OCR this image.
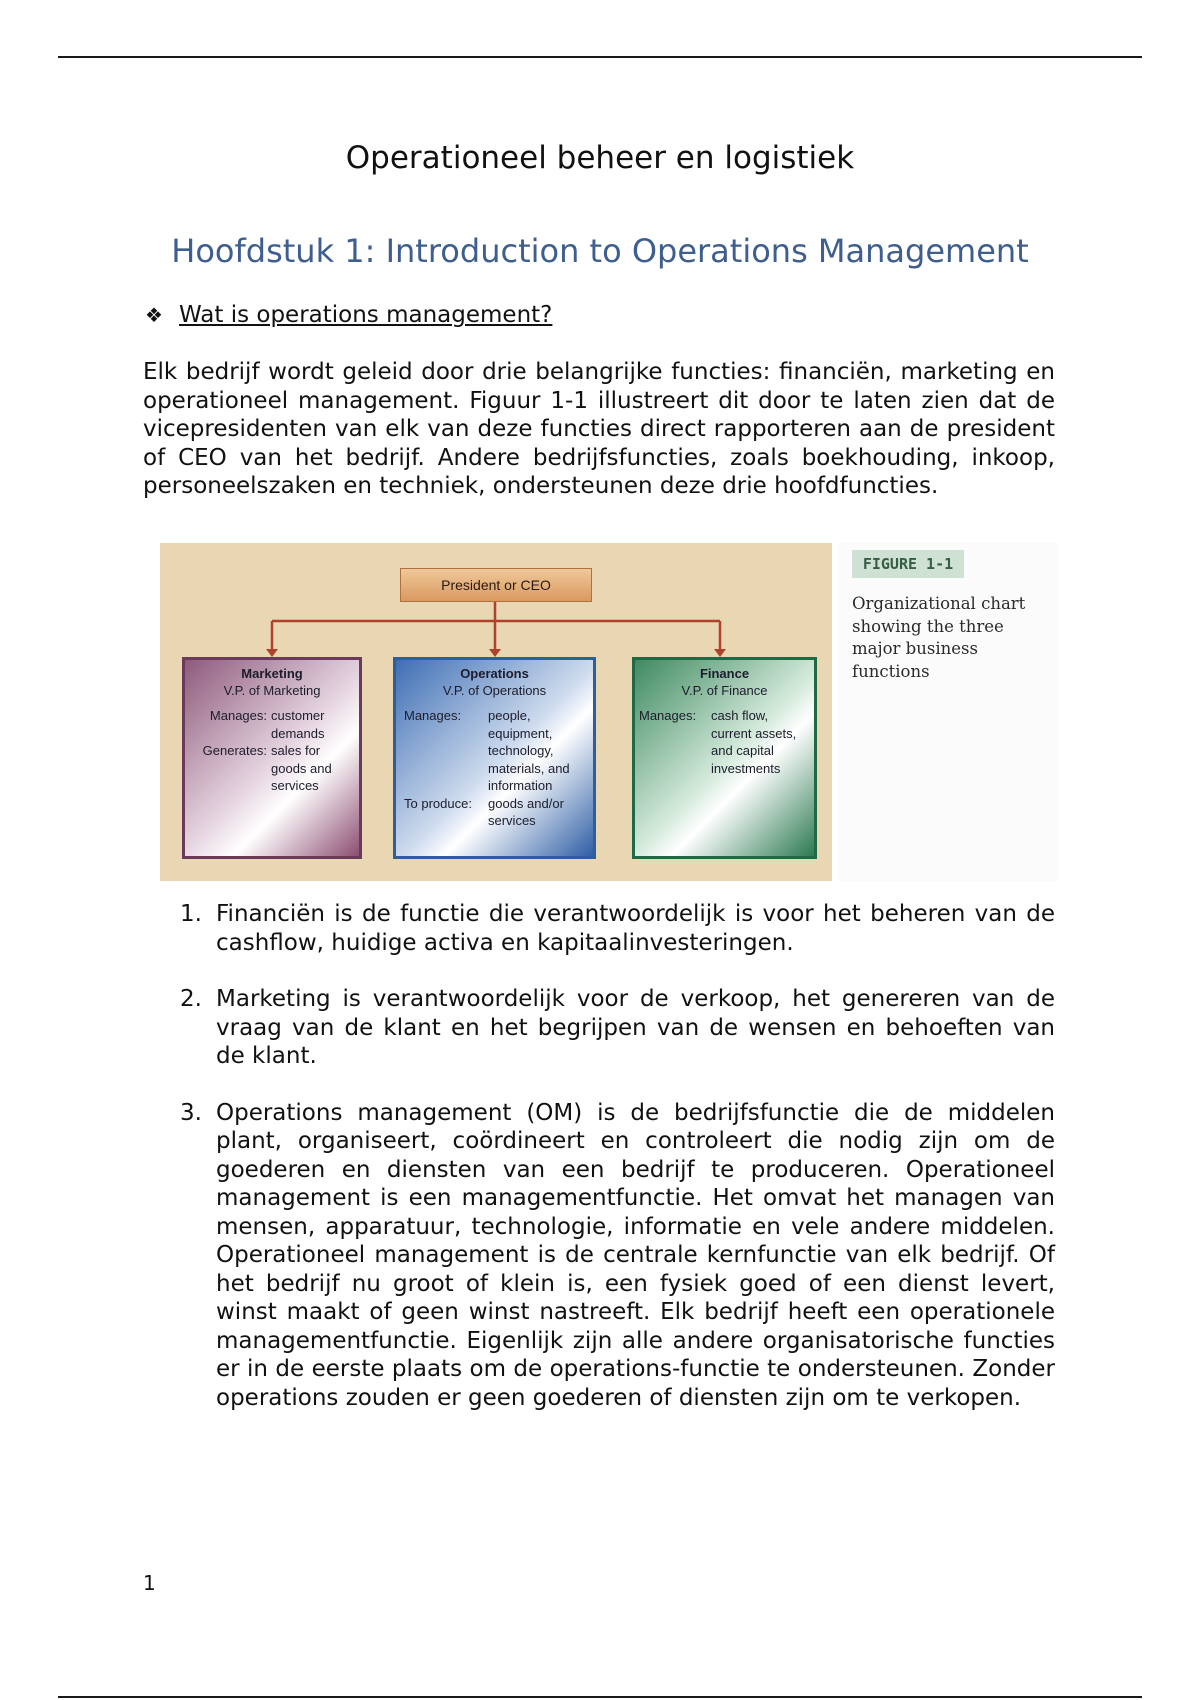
Operationeel beheer en logistiek
Hoofdstuk 1: Introduction to Operations Management
❖ Wat is operations management?

Elk bedrijf wordt geleid door drie belangrijke functies: financiën, marketing en operationeel management. Figuur 1-1 illustreert dit door te laten zien dat de vicepresidenten van elk van deze functies direct rapporteren aan de president of CEO van het bedrijf. Andere bedrijfsfuncties, zoals boekhouding, inkoop, personeelszaken en techniek, ondersteunen deze drie hoofdfuncties.

President or CEO
Marketing
V.P. of Marketing
Manages: customer demands
Generates: sales for goods and services
Operations
V.P. of Operations
Manages:	people, equipment, technology, materials, and information
To produce:	goods and/or services
Finance
V.P. of Finance
Manages:	cash flow, current assets, and capital investments
FIGURE 1-1
Organizational chart showing the three major business functions
1. Financiën is de functie die verantwoordelijk is voor het beheren van de cashflow, huidige activa en kapitaalinvesteringen.
2. Marketing is verantwoordelijk voor de verkoop, het genereren van de vraag van de klant en het begrijpen van de wensen en behoeften van de klant.
3. Operations management (OM) is de bedrijfsfunctie die de middelen plant, organiseert, coördineert en controleert die nodig zijn om de goederen en diensten van een bedrijf te produceren. Operationeel management is een managementfunctie. Het omvat het managen van mensen, apparatuur, technologie, informatie en vele andere middelen. Operationeel management is de centrale kernfunctie van elk bedrijf. Of het bedrijf nu groot of klein is, een fysiek goed of een dienst levert, winst maakt of geen winst nastreeft. Elk bedrijf heeft een operationele managementfunctie. Eigenlijk zijn alle andere organisatorische functies er in de eerste plaats om de operations-functie te ondersteunen. Zonder operations zouden er geen goederen of diensten zijn om te verkopen.
1
